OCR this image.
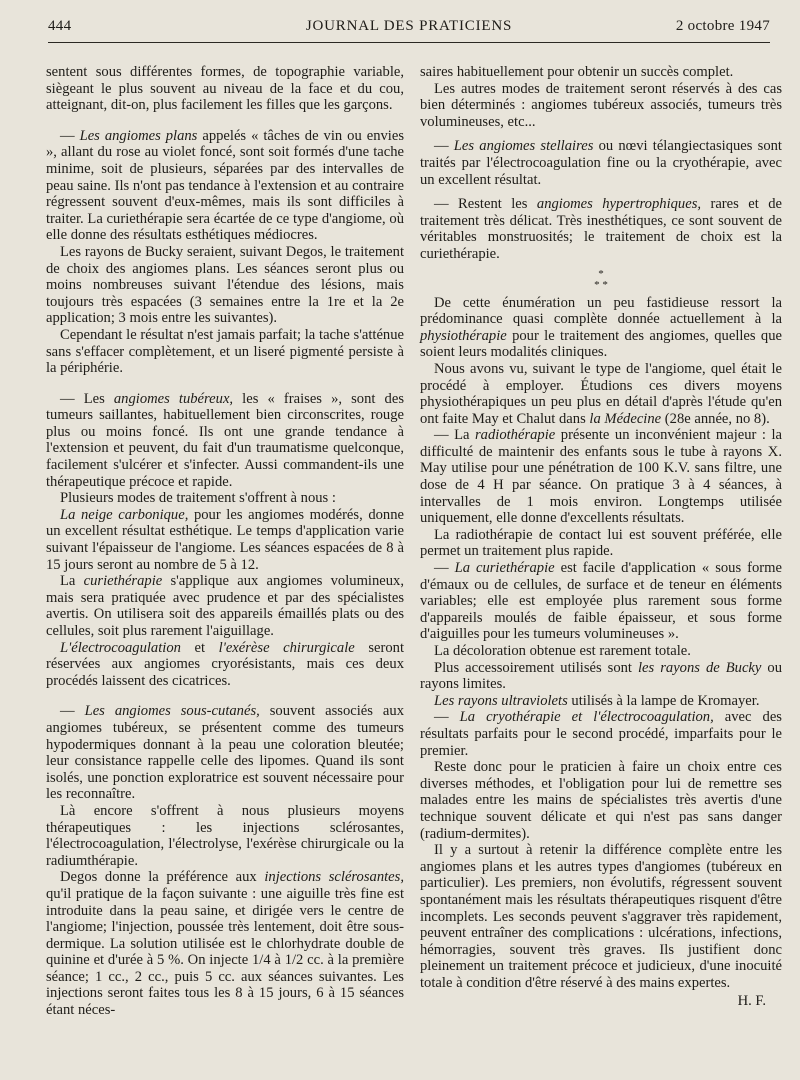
444	JOURNAL DES PRATICIENS	2 octobre 1947

sentent sous différentes formes, de topographie variable, siègeant le plus souvent au niveau de la face et du cou, atteignant, dit-on, plus facilement les filles que les garçons.

— Les angiomes plans appelés « tâches de vin ou envies », allant du rose au violet foncé, sont soit formés d'une tache minime, soit de plusieurs, séparées par des intervalles de peau saine. Ils n'ont pas tendance à l'extension et au contraire régressent souvent d'eux-mêmes, mais ils sont difficiles à traiter. La curiethérapie sera écartée de ce type d'angiome, où elle donne des résultats esthétiques médiocres.

Les rayons de Bucky seraient, suivant Degos, le traitement de choix des angiomes plans. Les séances seront plus ou moins nombreuses suivant l'étendue des lésions, mais toujours très espacées (3 semaines entre la 1re et la 2e application; 3 mois entre les suivantes).

Cependant le résultat n'est jamais parfait; la tache s'atténue sans s'effacer complètement, et un liseré pigmenté persiste à la périphérie.

— Les angiomes tubéreux, les « fraises », sont des tumeurs saillantes, habituellement bien circonscrites, rouge plus ou moins foncé. Ils ont une grande tendance à l'extension et peuvent, du fait d'un traumatisme quelconque, facilement s'ulcérer et s'infecter. Aussi commandent-ils une thérapeutique précoce et rapide.

Plusieurs modes de traitement s'offrent à nous :

La neige carbonique, pour les angiomes modérés, donne un excellent résultat esthétique. Le temps d'application varie suivant l'épaisseur de l'angiome. Les séances espacées de 8 à 15 jours seront au nombre de 5 à 12.

La curiethérapie s'applique aux angiomes volumineux, mais sera pratiquée avec prudence et par des spécialistes avertis. On utilisera soit des appareils émaillés plats ou des cellules, soit plus rarement l'aiguillage.

L'électrocoagulation et l'exérèse chirurgicale seront réservées aux angiomes cryorésistants, mais ces deux procédés laissent des cicatrices.

— Les angiomes sous-cutanés, souvent associés aux angiomes tubéreux, se présentent comme des tumeurs hypodermiques donnant à la peau une coloration bleutée; leur consistance rappelle celle des lipomes. Quand ils sont isolés, une ponction exploratrice est souvent nécessaire pour les reconnaître.

Là encore s'offrent à nous plusieurs moyens thérapeutiques : les injections sclérosantes, l'électrocoagulation, l'électrolyse, l'exérèse chirurgicale ou la radiumthérapie.

Degos donne la préférence aux injections sclérosantes, qu'il pratique de la façon suivante : une aiguille très fine est introduite dans la peau saine, et dirigée vers le centre de l'angiome; l'injection, poussée très lentement, doit être sous-dermique. La solution utilisée est le chlorhydrate double de quinine et d'urée à 5 %. On injecte 1/4 à 1/2 cc. à la première séance; 1 cc., 2 cc., puis 5 cc. aux séances suivantes. Les injections seront faites tous les 8 à 15 jours, 6 à 15 séances étant néces-

saires habituellement pour obtenir un succès complet.

Les autres modes de traitement seront réservés à des cas bien déterminés : angiomes tubéreux associés, tumeurs très volumineuses, etc...

— Les angiomes stellaires ou nœvi télangiectasiques sont traités par l'électrocoagulation fine ou la cryothérapie, avec un excellent résultat.

— Restent les angiomes hypertrophiques, rares et de traitement très délicat. Très inesthétiques, ce sont souvent de véritables monstruosités; le traitement de choix est la curiethérapie.

*
* *

De cette énumération un peu fastidieuse ressort la prédominance quasi complète donnée actuellement à la physiothérapie pour le traitement des angiomes, quelles que soient leurs modalités cliniques.

Nous avons vu, suivant le type de l'angiome, quel était le procédé à employer. Étudions ces divers moyens physiothérapiques un peu plus en détail d'après l'étude qu'en ont faite May et Chalut dans la Médecine (28e année, no 8).

— La radiothérapie présente un inconvénient majeur : la difficulté de maintenir des enfants sous le tube à rayons X. May utilise pour une pénétration de 100 K.V. sans filtre, une dose de 4 H par séance. On pratique 3 à 4 séances, à intervalles de 1 mois environ. Longtemps utilisée uniquement, elle donne d'excellents résultats.

La radiothérapie de contact lui est souvent préférée, elle permet un traitement plus rapide.

— La curiethérapie est facile d'application « sous forme d'émaux ou de cellules, de surface et de teneur en éléments variables; elle est employée plus rarement sous forme d'appareils moulés de faible épaisseur, et sous forme d'aiguilles pour les tumeurs volumineuses ».

La décoloration obtenue est rarement totale.

Plus accessoirement utilisés sont les rayons de Bucky ou rayons limites.

Les rayons ultraviolets utilisés à la lampe de Kromayer.

— La cryothérapie et l'électrocoagulation, avec des résultats parfaits pour le second procédé, imparfaits pour le premier.

Reste donc pour le praticien à faire un choix entre ces diverses méthodes, et l'obligation pour lui de remettre ses malades entre les mains de spécialistes très avertis d'une technique souvent délicate et qui n'est pas sans danger (radium-dermites).

Il y a surtout à retenir la différence complète entre les angiomes plans et les autres types d'angiomes (tubéreux en particulier). Les premiers, non évolutifs, régressent souvent spontanément mais les résultats thérapeutiques risquent d'être incomplets. Les seconds peuvent s'aggraver très rapidement, peuvent entraîner des complications : ulcérations, infections, hémorragies, souvent très graves. Ils justifient donc pleinement un traitement précoce et judicieux, d'une inocuité totale à condition d'être réservé à des mains expertes.

H. F.
